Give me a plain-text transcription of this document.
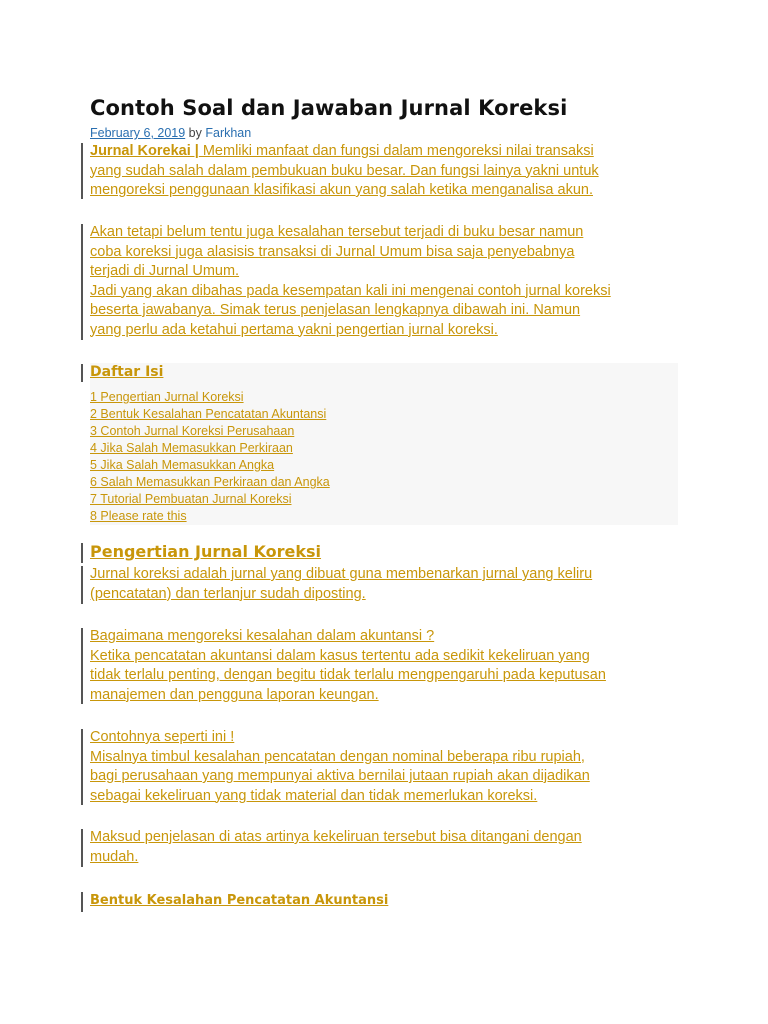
Contoh Soal dan Jawaban Jurnal Koreksi
February 6, 2019 by Farkhan
Jurnal Korekai | Memliki manfaat dan fungsi dalam mengoreksi nilai transaksi
yang sudah salah dalam pembukuan buku besar. Dan fungsi lainya yakni untuk
mengoreksi penggunaan klasifikasi akun yang salah ketika menganalisa akun.
Akan tetapi belum tentu juga kesalahan tersebut terjadi di buku besar namun
coba koreksi juga alasisis transaksi di Jurnal Umum bisa saja penyebabnya
terjadi di Jurnal Umum.
Jadi yang akan dibahas pada kesempatan kali ini mengenai contoh jurnal koreksi
beserta jawabanya. Simak terus penjelasan lengkapnya dibawah ini. Namun
yang perlu ada ketahui pertama yakni pengertian jurnal koreksi.
Daftar Isi
1 Pengertian Jurnal Koreksi
2 Bentuk Kesalahan Pencatatan Akuntansi
3 Contoh Jurnal Koreksi Perusahaan
4 Jika Salah Memasukkan Perkiraan
5 Jika Salah Memasukkan Angka
6 Salah Memasukkan Perkiraan dan Angka
7 Tutorial Pembuatan Jurnal Koreksi
8 Please rate this
Pengertian Jurnal Koreksi
Jurnal koreksi adalah jurnal yang dibuat guna membenarkan jurnal yang keliru
(pencatatan) dan terlanjur sudah diposting.
Bagaimana mengoreksi kesalahan dalam akuntansi ?
Ketika pencatatan akuntansi dalam kasus tertentu ada sedikit kekeliruan yang
tidak terlalu penting, dengan begitu tidak terlalu mengpengaruhi pada keputusan
manajemen dan pengguna laporan keungan.
Contohnya seperti ini !
Misalnya timbul kesalahan pencatatan dengan nominal beberapa ribu rupiah,
bagi perusahaan yang mempunyai aktiva bernilai jutaan rupiah akan dijadikan
sebagai kekeliruan yang tidak material dan tidak memerlukan koreksi.
Maksud penjelasan di atas artinya kekeliruan tersebut bisa ditangani dengan
mudah.
Bentuk Kesalahan Pencatatan Akuntansi
